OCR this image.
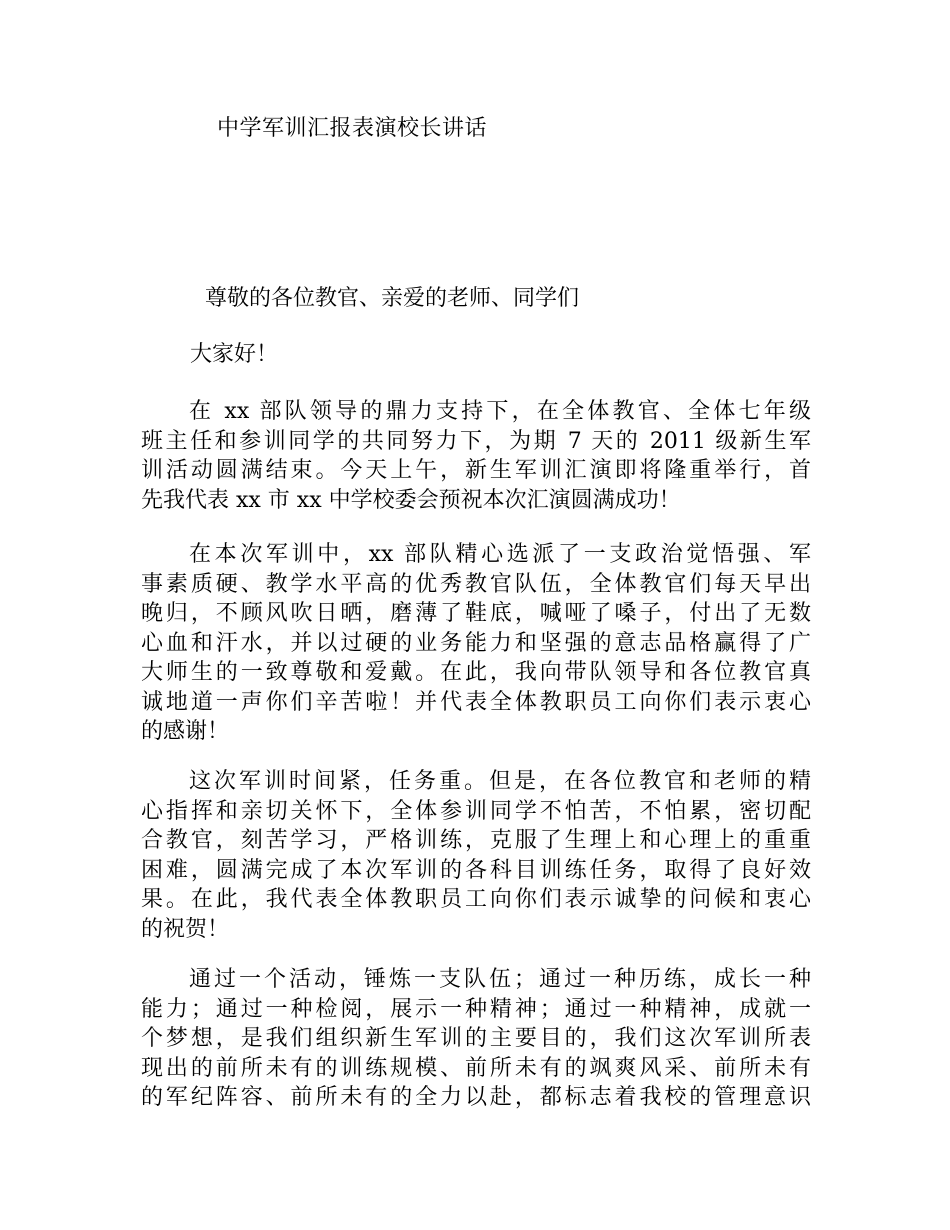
中学军训汇报表演校长讲话
尊敬的各位教官、亲爱的老师、同学们
大家好！
在 xx 部队领导的鼎力支持下，在全体教官、全体七年级
班主任和参训同学的共同努力下，为期 7 天的 2011 级新生军
训活动圆满结束。今天上午，新生军训汇演即将隆重举行，首
先我代表 xx 市 xx 中学校委会预祝本次汇演圆满成功！
在本次军训中，xx 部队精心选派了一支政治觉悟强、军
事素质硬、教学水平高的优秀教官队伍，全体教官们每天早出
晚归，不顾风吹日晒，磨薄了鞋底，喊哑了嗓子，付出了无数
心血和汗水，并以过硬的业务能力和坚强的意志品格赢得了广
大师生的一致尊敬和爱戴。在此，我向带队领导和各位教官真
诚地道一声你们辛苦啦！并代表全体教职员工向你们表示衷心
的感谢！
这次军训时间紧，任务重。但是，在各位教官和老师的精
心指挥和亲切关怀下，全体参训同学不怕苦，不怕累，密切配
合教官，刻苦学习，严格训练，克服了生理上和心理上的重重
困难，圆满完成了本次军训的各科目训练任务，取得了良好效
果。在此，我代表全体教职员工向你们表示诚挚的问候和衷心
的祝贺！
通过一个活动，锤炼一支队伍；通过一种历练，成长一种
能力；通过一种检阅，展示一种精神；通过一种精神，成就一
个梦想，是我们组织新生军训的主要目的，我们这次军训所表
现出的前所未有的训练规模、前所未有的飒爽风采、前所未有
的军纪阵容、前所未有的全力以赴，都标志着我校的管理意识
